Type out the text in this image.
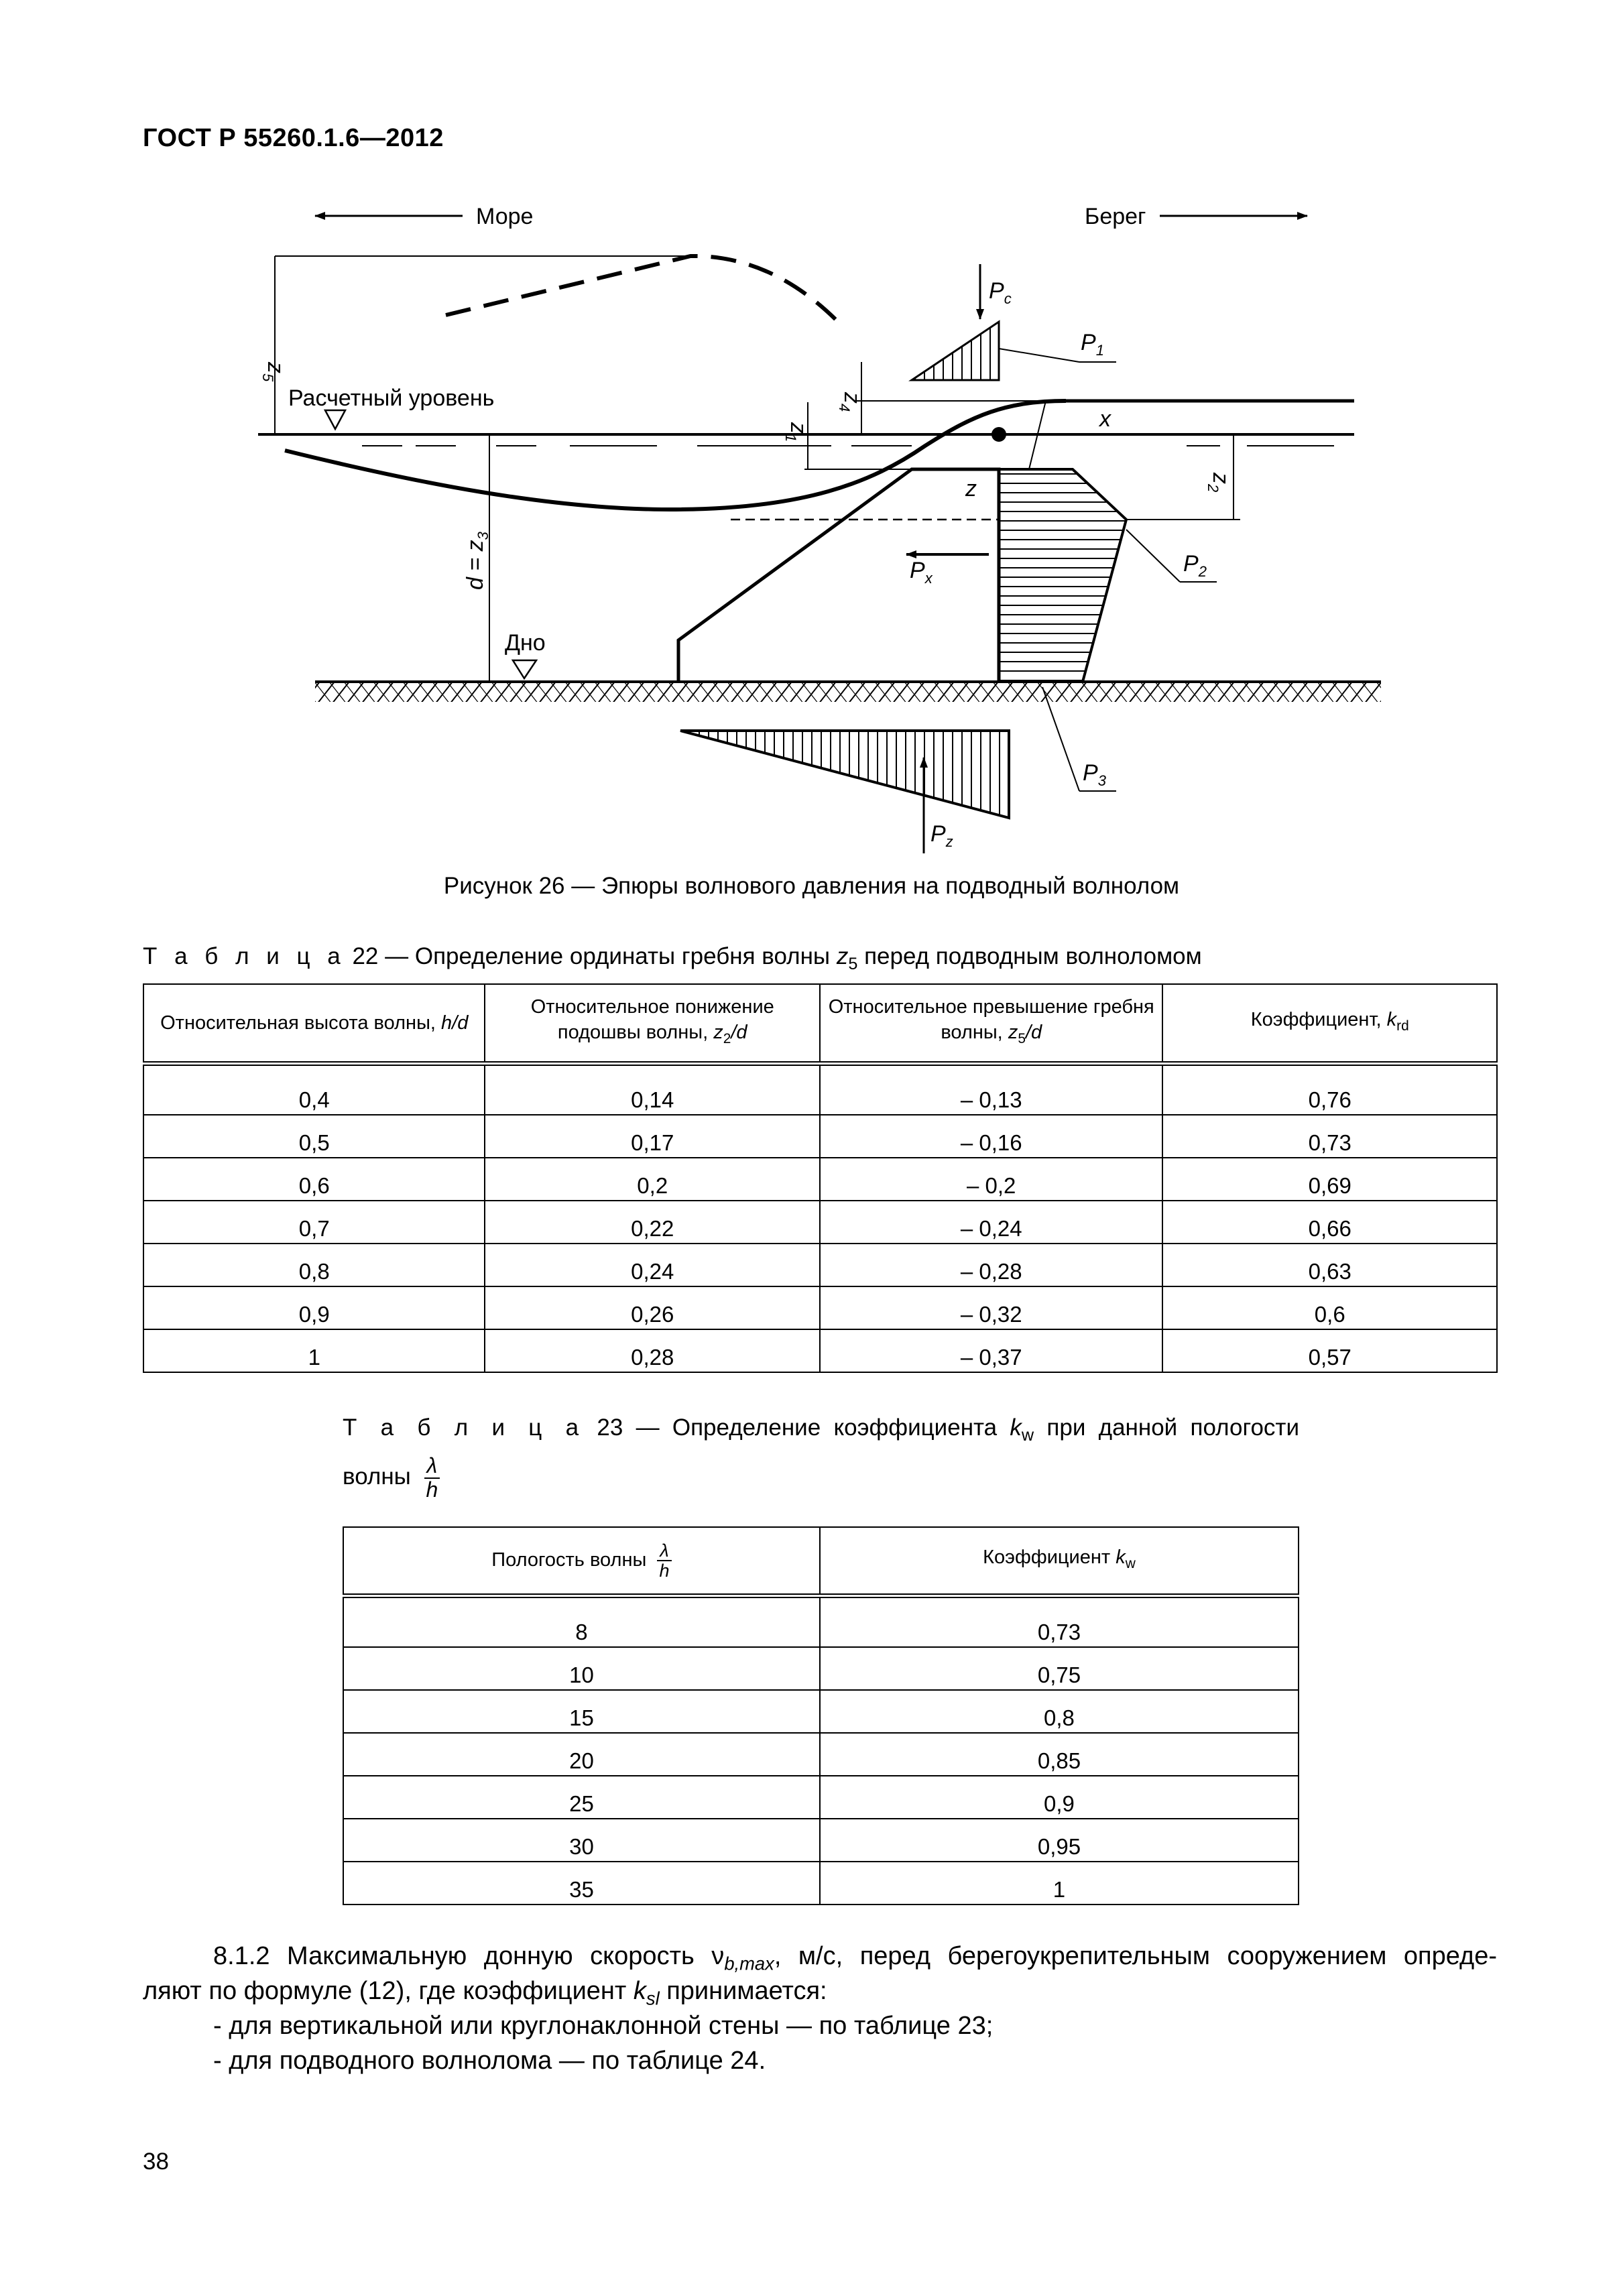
ГОСТ Р 55260.1.6—2012
Море	Берег
Расчетный уровень
Дно
$d = z_3$
$z_5$
$z_4$
$z_1$
$z_2$
z
x
$P_c$
$P_1$
$P_2$
$P_3$
$P_x$
$P_z$
Рисунок 26 — Эпюры волнового давления на подводный волнолом
Т а б л и ц а 22 — Определение ординаты гребня волны $z_5$ перед подводным волноломом
Относительная высота волны, h/d	Относительное понижение подошвы волны, $z_2/d$	Относительное превышение гребня волны, $z_5/d$	Коэффициент, $k_{rd}$
0,4	0,14	– 0,13	0,76
0,5	0,17	– 0,16	0,73
0,6	0,2	– 0,2	0,69
0,7	0,22	– 0,24	0,66
0,8	0,24	– 0,28	0,63
0,9	0,26	– 0,32	0,6
1	0,28	– 0,37	0,57
Т а б л и ц а 23 — Определение коэффициента $k_w$ при данной пологости
волны $\frac{\lambda}{h}$
Пологость волны $\frac{\lambda}{h}$	Коэффициент $k_w$
8	0,73
10	0,75
15	0,8
20	0,85
25	0,9
30	0,95
35	1
8.1.2 Максимальную донную скорость $\nu_{b,max}$, м/с, перед берегоукрепительным сооружением опреде-
ляют по формуле (12), где коэффициент $k_{sl}$ принимается:
- для вертикальной или круглонаклонной стены — по таблице 23;
- для подводного волнолома — по таблице 24.
38
